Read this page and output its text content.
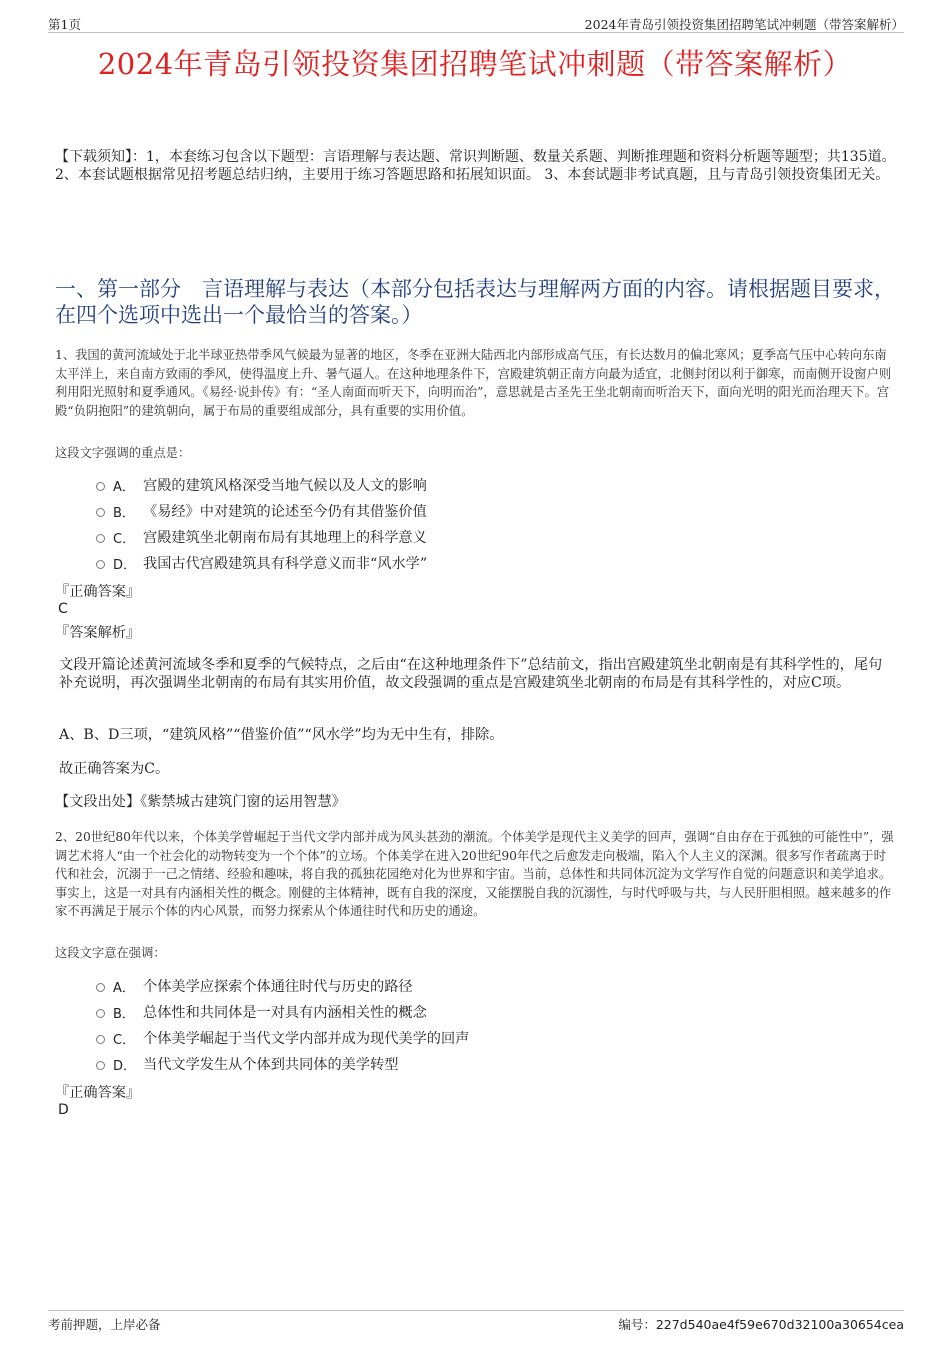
第1页	2024年青岛引领投资集团招聘笔试冲刺题（带答案解析）
2024年青岛引领投资集团招聘笔试冲刺题（带答案解析）

【下载须知】：1，本套练习包含以下题型：言语理解与表达题、常识判断题、数量关系题、判断推理题和资料分析题等题型；共135道。 2、本套试题根据常见招考题总结归纳，主要用于练习答题思路和拓展知识面。 3、本套试题非考试真题，且与青岛引领投资集团无关。

一、第一部分　言语理解与表达（本部分包括表达与理解两方面的内容。请根据题目要求，在四个选项中选出一个最恰当的答案。）

1、我国的黄河流域处于北半球亚热带季风气候最为显著的地区，冬季在亚洲大陆西北内部形成高气压，有长达数月的偏北寒风；夏季高气压中心转向东南太平洋上，来自南方致雨的季风，使得温度上升、暑气逼人。在这种地理条件下，宫殿建筑朝正南方向最为适宜，北侧封闭以利于御寒，而南侧开设窗户则利用阳光照射和夏季通风。《易经·说卦传》有：“圣人南面而听天下，向明而治”，意思就是古圣先王坐北朝南而听治天下，面向光明的阳光而治理天下。宫殿“负阴抱阳”的建筑朝向，属于布局的重要组成部分，具有重要的实用价值。

这段文字强调的重点是：

A． 宫殿的建筑风格深受当地气候以及人文的影响
B． 《易经》中对建筑的论述至今仍有其借鉴价值
C． 宫殿建筑坐北朝南布局有其地理上的科学意义
D． 我国古代宫殿建筑具有科学意义而非“风水学”

『正确答案』

C

『答案解析』

文段开篇论述黄河流域冬季和夏季的气候特点，之后由“在这种地理条件下”总结前文，指出宫殿建筑坐北朝南是有其科学性的，尾句补充说明，再次强调坐北朝南的布局有其实用价值，故文段强调的重点是宫殿建筑坐北朝南的布局是有其科学性的，对应C项。

A、B、D三项，“建筑风格”“借鉴价值”“风水学”均为无中生有，排除。

故正确答案为C。

【文段出处】《紫禁城古建筑门窗的运用智慧》

2、20世纪80年代以来，个体美学曾崛起于当代文学内部并成为风头甚劲的潮流。个体美学是现代主义美学的回声，强调“自由存在于孤独的可能性中”，强调艺术将人“由一个社会化的动物转变为一个个体”的立场。个体美学在进入20世纪90年代之后愈发走向极端，陷入个人主义的深渊。很多写作者疏离于时代和社会，沉溺于一己之情绪、经验和趣味，将自我的孤独花园绝对化为世界和宇宙。当前，总体性和共同体沉淀为文学写作自觉的问题意识和美学追求。事实上，这是一对具有内涵相关性的概念。刚健的主体精神，既有自我的深度，又能摆脱自我的沉溺性，与时代呼吸与共，与人民肝胆相照。越来越多的作家不再满足于展示个体的内心风景，而努力探索从个体通往时代和历史的通途。

这段文字意在强调：

A． 个体美学应探索个体通往时代与历史的路径
B． 总体性和共同体是一对具有内涵相关性的概念
C． 个体美学崛起于当代文学内部并成为现代美学的回声
D． 当代文学发生从个体到共同体的美学转型

『正确答案』

D

考前押题，上岸必备	编号：227d540ae4f59e670d32100a30654cea
